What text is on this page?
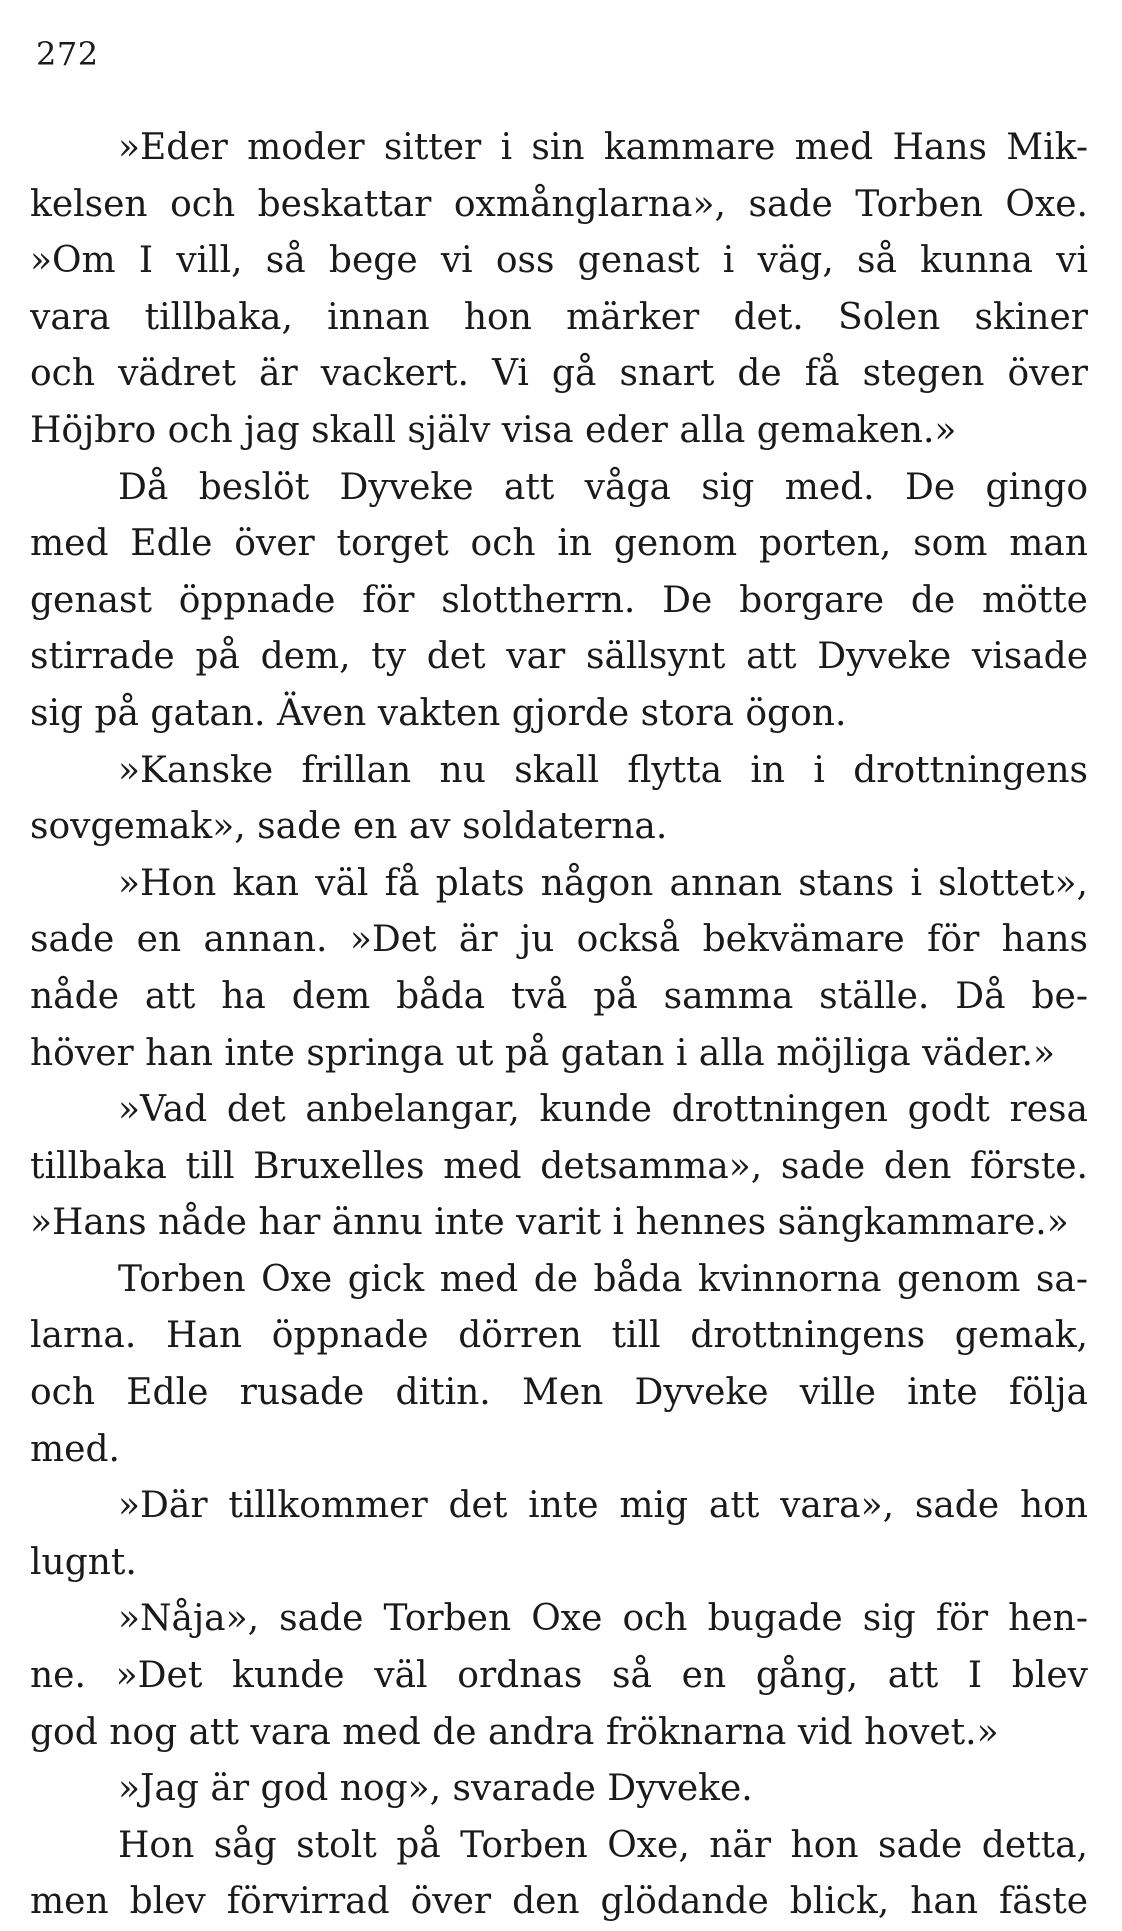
272
»Eder moder sitter i sin kammare med Hans Mik-
kelsen och beskattar oxmånglarna», sade Torben Oxe.
»Om I vill, så bege vi oss genast i väg, så kunna vi
vara tillbaka, innan hon märker det. Solen skiner
och vädret är vackert. Vi gå snart de få stegen över
Höjbro och jag skall själv visa eder alla gemaken.»
Då beslöt Dyveke att våga sig med. De gingo
med Edle över torget och in genom porten, som man
genast öppnade för slottherrn. De borgare de mötte
stirrade på dem, ty det var sällsynt att Dyveke visade
sig på gatan. Även vakten gjorde stora ögon.
»Kanske frillan nu skall flytta in i drottningens
sovgemak», sade en av soldaterna.
»Hon kan väl få plats någon annan stans i slottet»,
sade en annan. »Det är ju också bekvämare för hans
nåde att ha dem båda två på samma ställe. Då be-
höver han inte springa ut på gatan i alla möjliga väder.»
»Vad det anbelangar, kunde drottningen godt resa
tillbaka till Bruxelles med detsamma», sade den förste.
»Hans nåde har ännu inte varit i hennes sängkammare.»
Torben Oxe gick med de båda kvinnorna genom sa-
larna. Han öppnade dörren till drottningens gemak,
och Edle rusade ditin. Men Dyveke ville inte följa
med.
»Där tillkommer det inte mig att vara», sade hon
lugnt.
»Nåja», sade Torben Oxe och bugade sig för hen-
ne. »Det kunde väl ordnas så en gång, att I blev
god nog att vara med de andra fröknarna vid hovet.»
»Jag är god nog», svarade Dyveke.
Hon såg stolt på Torben Oxe, när hon sade detta,
men blev förvirrad över den glödande blick, han fäste
